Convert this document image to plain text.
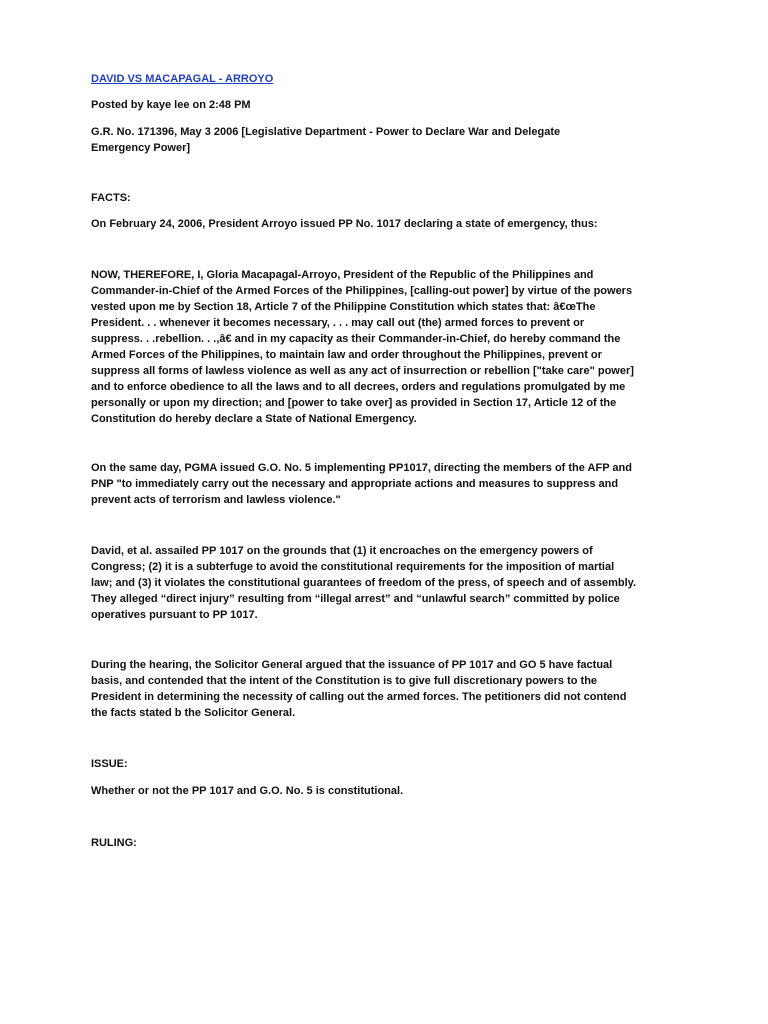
DAVID VS MACAPAGAL - ARROYO
Posted by kaye lee on 2:48 PM
G.R. No. 171396, May 3 2006 [Legislative Department - Power to Declare War and Delegate
Emergency Power]
FACTS:
On February 24, 2006, President Arroyo issued PP No. 1017 declaring a state of emergency, thus:
NOW, THEREFORE, I, Gloria Macapagal-Arroyo, President of the Republic of the Philippines and
Commander-in-Chief of the Armed Forces of the Philippines, [calling-out power] by virtue of the powers
vested upon me by Section 18, Article 7 of the Philippine Constitution which states that: â€œThe
President. . . whenever it becomes necessary, . . . may call out (the) armed forces to prevent or
suppress. . .rebellion. . .,â€ and in my capacity as their Commander-in-Chief, do hereby command the
Armed Forces of the Philippines, to maintain law and order throughout the Philippines, prevent or
suppress all forms of lawless violence as well as any act of insurrection or rebellion ["take care" power]
and to enforce obedience to all the laws and to all decrees, orders and regulations promulgated by me
personally or upon my direction; and [power to take over] as provided in Section 17, Article 12 of the
Constitution do hereby declare a State of National Emergency.
On the same day, PGMA issued G.O. No. 5 implementing PP1017, directing the members of the AFP and
PNP "to immediately carry out the necessary and appropriate actions and measures to suppress and
prevent acts of terrorism and lawless violence."
David, et al. assailed PP 1017 on the grounds that (1) it encroaches on the emergency powers of
Congress; (2) it is a subterfuge to avoid the constitutional requirements for the imposition of martial
law; and (3) it violates the constitutional guarantees of freedom of the press, of speech and of assembly.
They alleged “direct injury” resulting from “illegal arrest” and “unlawful search” committed by police
operatives pursuant to PP 1017.
During the hearing, the Solicitor General argued that the issuance of PP 1017 and GO 5 have factual
basis, and contended that the intent of the Constitution is to give full discretionary powers to the
President in determining the necessity of calling out the armed forces. The petitioners did not contend
the facts stated b the Solicitor General.
ISSUE:
Whether or not the PP 1017 and G.O. No. 5 is constitutional.
RULING:
